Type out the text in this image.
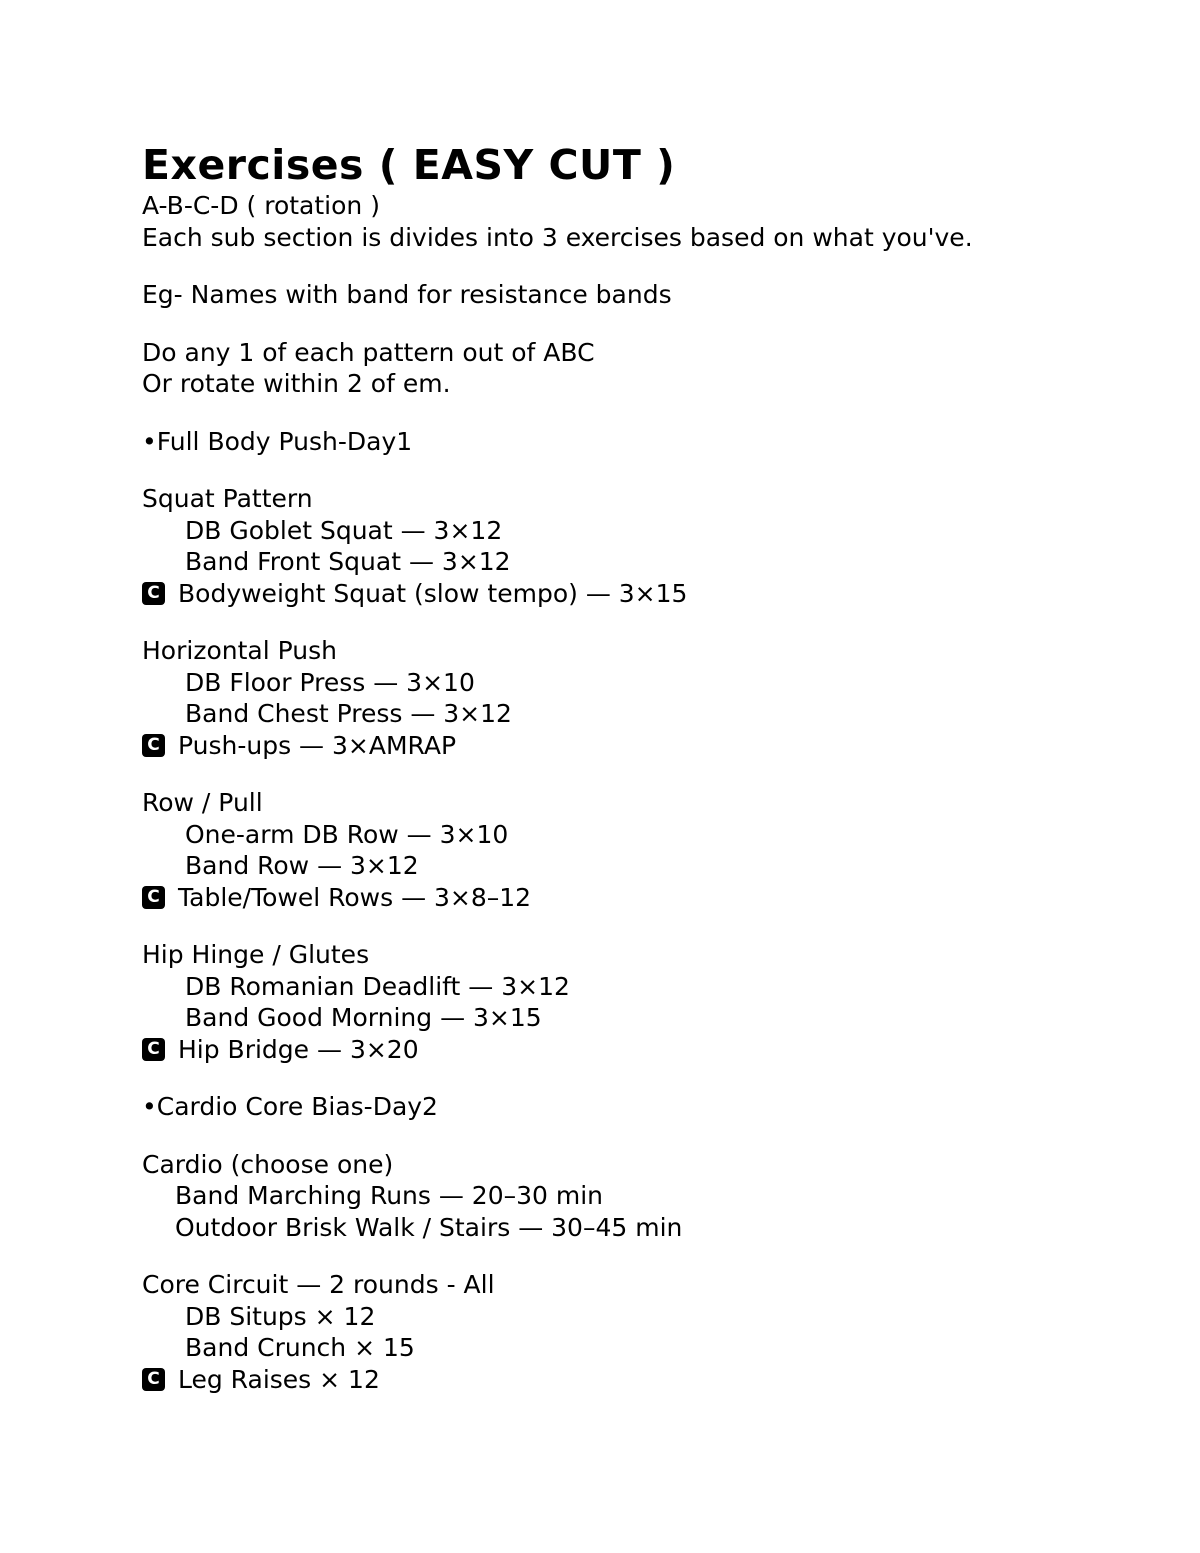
Exercises ( EASY CUT )

A-B-C-D ( rotation )

Each sub section is divides into 3 exercises based on what you've.

Eg- Names with band for resistance bands

Do any 1 of each pattern out of ABC

Or rotate within 2 of em.

•Full Body Push-Day1

Squat Pattern

DB Goblet Squat — 3×12

Band Front Squat — 3×12

C Bodyweight Squat (slow tempo) — 3×15

Horizontal Push

DB Floor Press — 3×10

Band Chest Press — 3×12

C Push-ups — 3×AMRAP

Row / Pull

One-arm DB Row — 3×10

Band Row — 3×12

C Table/Towel Rows — 3×8–12

Hip Hinge / Glutes

DB Romanian Deadlift — 3×12

Band Good Morning — 3×15

C Hip Bridge — 3×20

•Cardio Core Bias-Day2

Cardio (choose one)

Band Marching Runs — 20–30 min

Outdoor Brisk Walk / Stairs — 30–45 min

Core Circuit — 2 rounds - All

DB Situps × 12

Band Crunch × 15

C Leg Raises × 12
